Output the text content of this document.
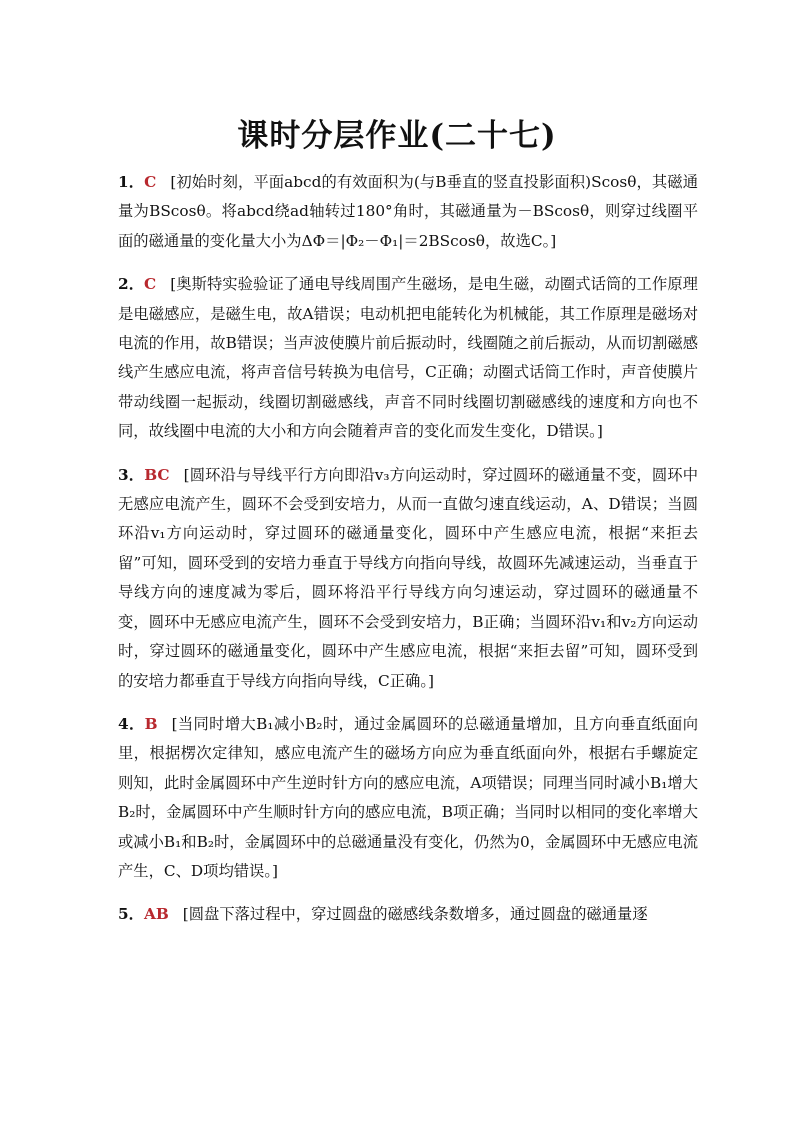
课时分层作业(二十七)
1．C [初始时刻，平面abcd的有效面积为(与B垂直的竖直投影面积)Scosθ，其磁通量为BScosθ。将abcd绕ad轴转过180°角时，其磁通量为－BScosθ，则穿过线圈平面的磁通量的变化量大小为ΔΦ＝|Φ₂－Φ₁|＝2BScosθ，故选C。]
2．C [奥斯特实验验证了通电导线周围产生磁场，是电生磁，动圈式话筒的工作原理是电磁感应，是磁生电，故A错误；电动机把电能转化为机械能，其工作原理是磁场对电流的作用，故B错误；当声波使膜片前后振动时，线圈随之前后振动，从而切割磁感线产生感应电流，将声音信号转换为电信号，C正确；动圈式话筒工作时，声音使膜片带动线圈一起振动，线圈切割磁感线，声音不同时线圈切割磁感线的速度和方向也不同，故线圈中电流的大小和方向会随着声音的变化而发生变化，D错误。]
3．BC [圆环沿与导线平行方向即沿v₃方向运动时，穿过圆环的磁通量不变，圆环中无感应电流产生，圆环不会受到安培力，从而一直做匀速直线运动，A、D错误；当圆环沿v₁方向运动时，穿过圆环的磁通量变化，圆环中产生感应电流，根据“来拒去留”可知，圆环受到的安培力垂直于导线方向指向导线，故圆环先减速运动，当垂直于导线方向的速度减为零后，圆环将沿平行导线方向匀速运动，穿过圆环的磁通量不变，圆环中无感应电流产生，圆环不会受到安培力，B正确；当圆环沿v₁和v₂方向运动时，穿过圆环的磁通量变化，圆环中产生感应电流，根据“来拒去留”可知，圆环受到的安培力都垂直于导线方向指向导线，C正确。]
4．B [当同时增大B₁减小B₂时，通过金属圆环的总磁通量增加，且方向垂直纸面向里，根据楞次定律知，感应电流产生的磁场方向应为垂直纸面向外，根据右手螺旋定则知，此时金属圆环中产生逆时针方向的感应电流，A项错误；同理当同时减小B₁增大B₂时，金属圆环中产生顺时针方向的感应电流，B项正确；当同时以相同的变化率增大或减小B₁和B₂时，金属圆环中的总磁通量没有变化，仍然为0，金属圆环中无感应电流产生，C、D项均错误。]
5．AB [圆盘下落过程中，穿过圆盘的磁感线条数增多，通过圆盘的磁通量逐
